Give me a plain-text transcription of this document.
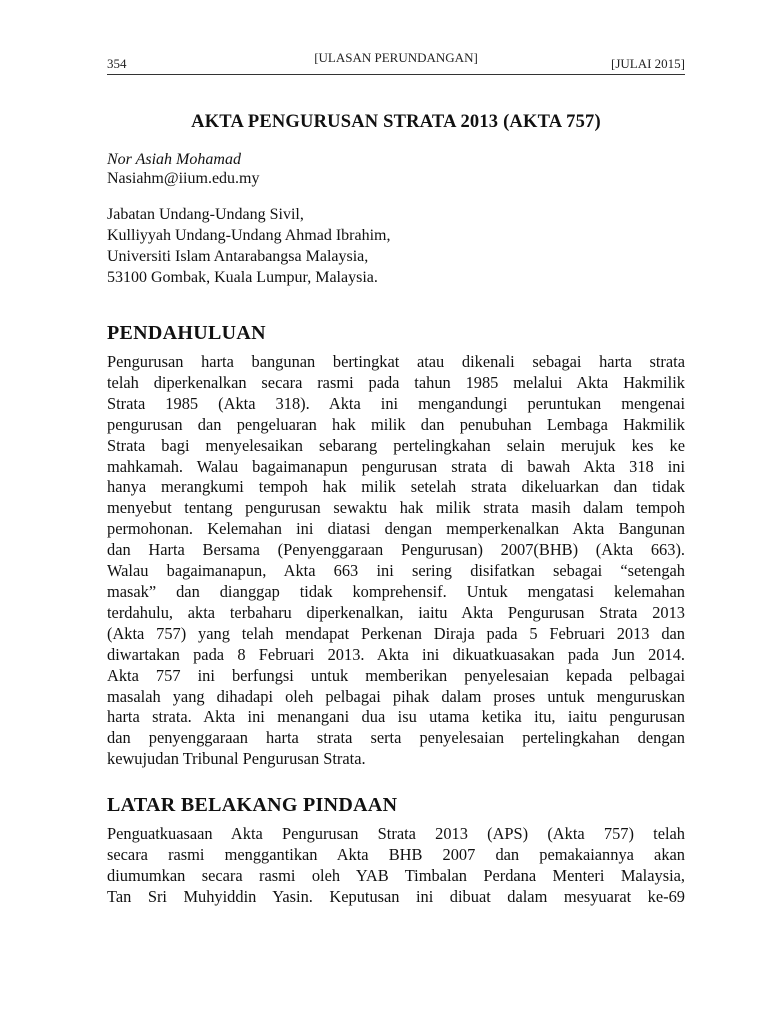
354	[ULASAN PERUNDANGAN]	[JULAI 2015]
AKTA PENGURUSAN STRATA 2013 (AKTA 757)
Nor Asiah Mohamad
Nasiahm@iium.edu.my
Jabatan Undang-Undang Sivil,
Kulliyyah Undang-Undang Ahmad Ibrahim,
Universiti Islam Antarabangsa Malaysia,
53100 Gombak, Kuala Lumpur, Malaysia.
PENDAHULUAN
Pengurusan harta bangunan bertingkat atau dikenali sebagai harta strata
telah diperkenalkan secara rasmi pada tahun 1985 melalui Akta Hakmilik
Strata 1985 (Akta 318). Akta ini mengandungi peruntukan mengenai
pengurusan dan pengeluaran hak milik dan penubuhan Lembaga Hakmilik
Strata bagi menyelesaikan sebarang pertelingkahan selain merujuk kes ke
mahkamah. Walau bagaimanapun pengurusan strata di bawah Akta 318 ini
hanya merangkumi tempoh hak milik setelah strata dikeluarkan dan tidak
menyebut tentang pengurusan sewaktu hak milik strata masih dalam tempoh
permohonan. Kelemahan ini diatasi dengan memperkenalkan Akta Bangunan
dan Harta Bersama (Penyenggaraan Pengurusan) 2007(BHB) (Akta 663).
Walau bagaimanapun, Akta 663 ini sering disifatkan sebagai “setengah
masak” dan dianggap tidak komprehensif. Untuk mengatasi kelemahan
terdahulu, akta terbaharu diperkenalkan, iaitu Akta Pengurusan Strata 2013
(Akta 757) yang telah mendapat Perkenan Diraja pada 5 Februari 2013 dan
diwartakan pada 8 Februari 2013. Akta ini dikuatkuasakan pada Jun 2014.
Akta 757 ini berfungsi untuk memberikan penyelesaian kepada pelbagai
masalah yang dihadapi oleh pelbagai pihak dalam proses untuk menguruskan
harta strata. Akta ini menangani dua isu utama ketika itu, iaitu pengurusan
dan penyenggaraan harta strata serta penyelesaian pertelingkahan dengan
kewujudan Tribunal Pengurusan Strata.
LATAR BELAKANG PINDAAN
Penguatkuasaan Akta Pengurusan Strata 2013 (APS) (Akta 757) telah
secara rasmi menggantikan Akta BHB 2007 dan pemakaiannya akan
diumumkan secara rasmi oleh YAB Timbalan Perdana Menteri Malaysia,
Tan Sri Muhyiddin Yasin. Keputusan ini dibuat dalam mesyuarat ke-69
